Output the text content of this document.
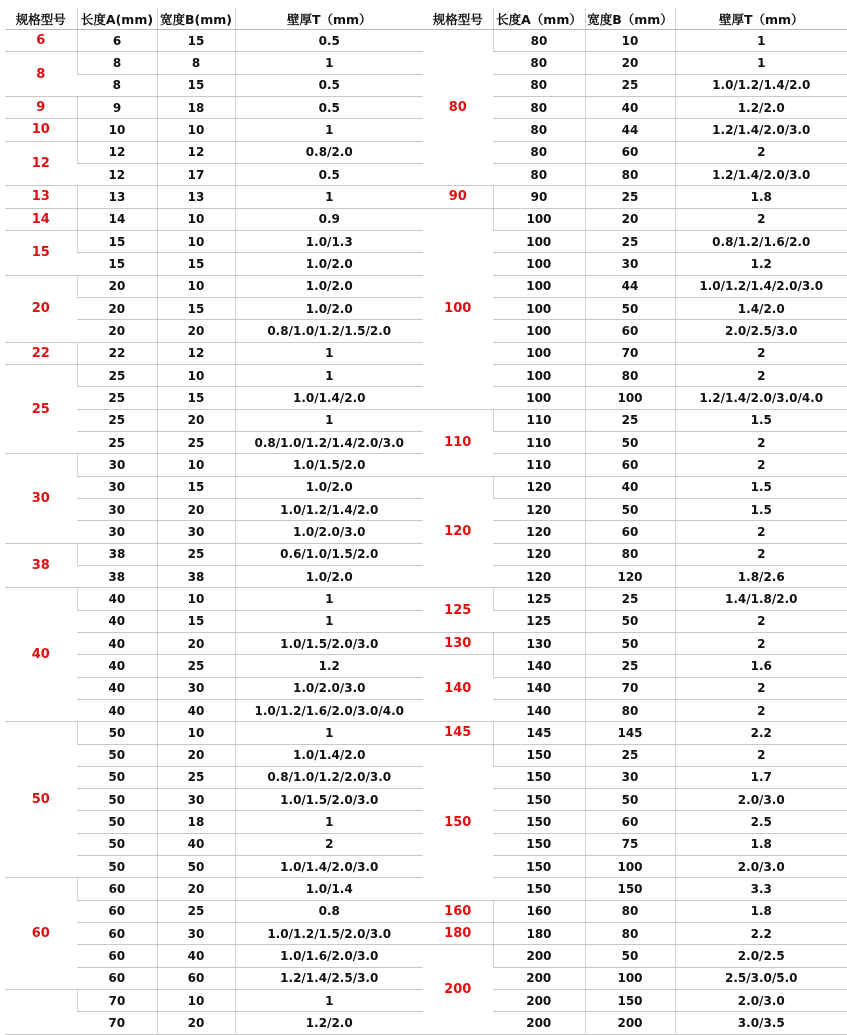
规格型号	长度A(mm)	宽度B(mm)	壁厚T（mm）
6	6	15	0.5
8	8	8	1
	8	15	0.5
9	9	18	0.5
10	10	10	1
12	12	12	0.8/2.0
	12	17	0.5
13	13	13	1
14	14	10	0.9
15	15	10	1.0/1.3
	15	15	1.0/2.0
20	20	10	1.0/2.0
	20	15	1.0/2.0
	20	20	0.8/1.0/1.2/1.5/2.0
22	22	12	1
25	25	10	1
	25	15	1.0/1.4/2.0
	25	20	1
	25	25	0.8/1.0/1.2/1.4/2.0/3.0
30	30	10	1.0/1.5/2.0
	30	15	1.0/2.0
	30	20	1.0/1.2/1.4/2.0
	30	30	1.0/2.0/3.0
38	38	25	0.6/1.0/1.5/2.0
	38	38	1.0/2.0
40	40	10	1
	40	15	1
	40	20	1.0/1.5/2.0/3.0
	40	25	1.2
	40	30	1.0/2.0/3.0
	40	40	1.0/1.2/1.6/2.0/3.0/4.0
50	50	10	1
	50	20	1.0/1.4/2.0
	50	25	0.8/1.0/1.2/2.0/3.0
	50	30	1.0/1.5/2.0/3.0
	50	18	1
	50	40	2
	50	50	1.0/1.4/2.0/3.0
60	60	20	1.0/1.4
	60	25	0.8
	60	30	1.0/1.2/1.5/2.0/3.0
	60	40	1.0/1.6/2.0/3.0
	60	60	1.2/1.4/2.5/3.0
	70	10	1
	70	20	1.2/2.0
规格型号	长度A（mm）	宽度B（mm）	壁厚T（mm）
80	80	10	1
	80	20	1
	80	25	1.0/1.2/1.4/2.0
	80	40	1.2/2.0
	80	44	1.2/1.4/2.0/3.0
	80	60	2
	80	80	1.2/1.4/2.0/3.0
90	90	25	1.8
100	100	20	2
	100	25	0.8/1.2/1.6/2.0
	100	30	1.2
	100	44	1.0/1.2/1.4/2.0/3.0
	100	50	1.4/2.0
	100	60	2.0/2.5/3.0
	100	70	2
	100	80	2
	100	100	1.2/1.4/2.0/3.0/4.0
110	110	25	1.5
	110	50	2
	110	60	2
120	120	40	1.5
	120	50	1.5
	120	60	2
	120	80	2
	120	120	1.8/2.6
125	125	25	1.4/1.8/2.0
	125	50	2
130	130	50	2
140	140	25	1.6
	140	70	2
	140	80	2
145	145	145	2.2
150	150	25	2
	150	30	1.7
	150	50	2.0/3.0
	150	60	2.5
	150	75	1.8
	150	100	2.0/3.0
	150	150	3.3
160	160	80	1.8
180	180	80	2.2
200	200	50	2.0/2.5
	200	100	2.5/3.0/5.0
	200	150	2.0/3.0
	200	200	3.0/3.5
